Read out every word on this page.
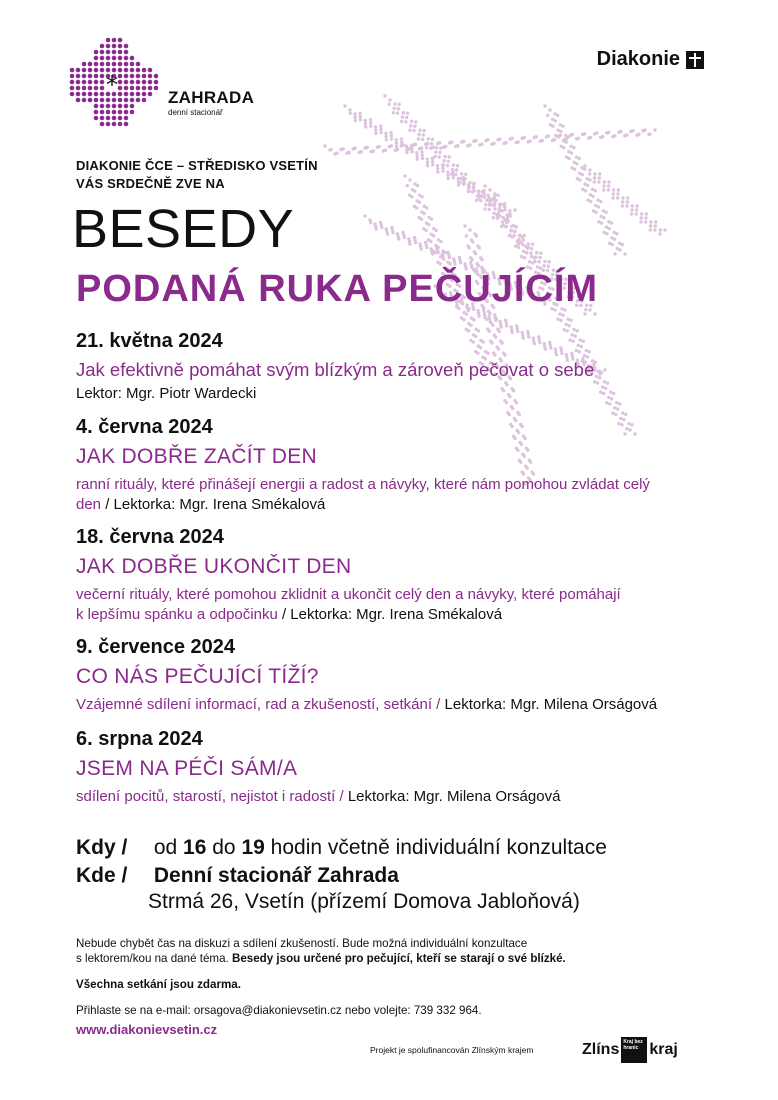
*	ZAHRADA
denní stacionář
Diakonie
DIAKONIE ČCE – STŘEDISKO VSETÍN
VÁS SRDEČNĚ ZVE NA
BESEDY
PODANÁ RUKA PEČUJÍCÍM
21. května 2024
Jak efektivně pomáhat svým blízkým a zároveň pečovat o sebe
Lektor: Mgr. Piotr Wardecki
4. června 2024
JAK DOBŘE ZAČÍT DEN
ranní rituály, které přinášejí energii a radost a návyky, které nám pomohou zvládat celý
den / Lektorka: Mgr. Irena Smékalová
18. června 2024
JAK DOBŘE UKONČIT DEN
večerní rituály, které pomohou zklidnit a ukončit celý den a návyky, které pomáhají
k lepšímu spánku a odpočinku / Lektorka: Mgr. Irena Smékalová
9. července 2024
CO NÁS PEČUJÍCÍ TÍŽÍ?
Vzájemné sdílení informací, rad a zkušeností, setkání / Lektorka: Mgr. Milena Orságová
6. srpna 2024
JSEM NA PÉČI SÁM/A
sdílení pocitů, starostí, nejistot i radostí / Lektorka: Mgr. Milena Orságová
Kdy / od 16 do 19 hodin včetně individuální konzultace
Kde / Denní stacionář Zahrada
Strmá 26, Vsetín (přízemí Domova Jabloňová)

Nebude chybět čas na diskuzi a sdílení zkušeností. Bude možná individuální konzultace
s lektorem/kou na dané téma. Besedy jsou určené pro pečující, kteří se starají o své blízké.

Všechna setkání jsou zdarma.

Přihlaste se na e-mail: orsagova@diakonievsetin.cz nebo volejte: 739 332 964.

www.diakonievsetin.cz
Projekt je spolufinancován Zlínským krajem	Zlíns Kraj bez hranic kraj
